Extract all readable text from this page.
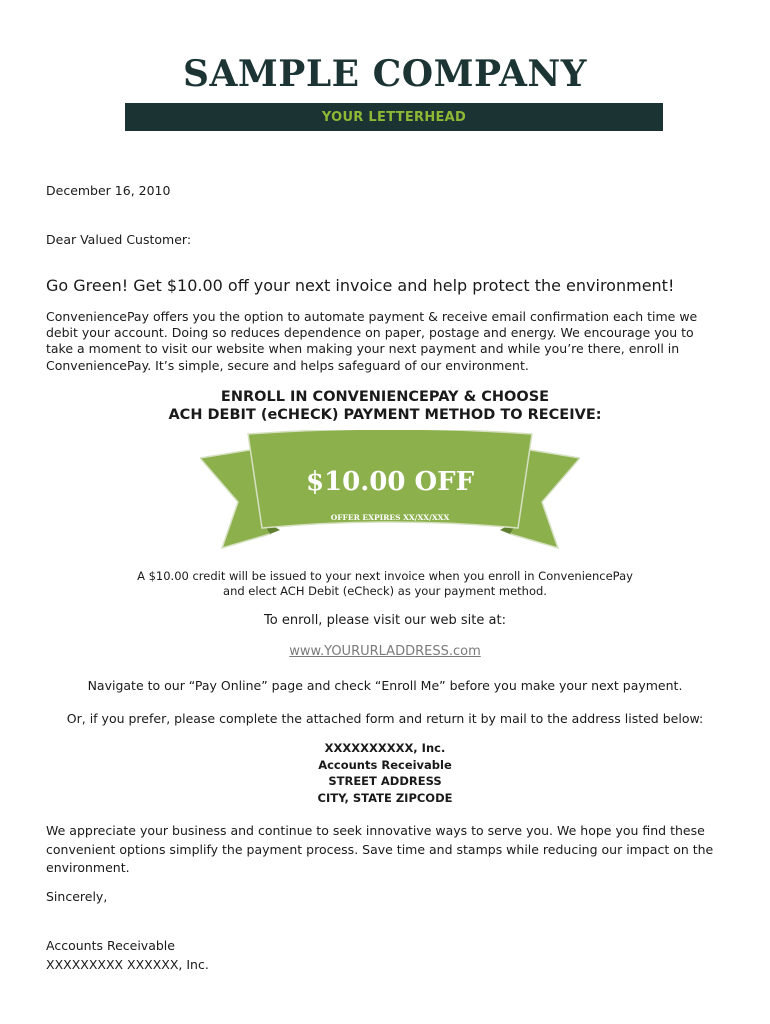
SAMPLE COMPANY
YOUR LETTERHEAD
December 16, 2010
Dear Valued Customer:
Go Green! Get $10.00 off your next invoice and help protect the environment!
ConveniencePay offers you the option to automate payment & receive email confirmation each time we
debit your account. Doing so reduces dependence on paper, postage and energy. We encourage you to
take a moment to visit our website when making your next payment and while you’re there, enroll in
ConveniencePay. It’s simple, secure and helps safeguard of our environment.
ENROLL IN CONVENIENCEPAY & CHOOSE
ACH DEBIT (eCHECK) PAYMENT METHOD TO RECEIVE:
$10.00 OFF
OFFER EXPIRES XX/XX/XXX
A $10.00 credit will be issued to your next invoice when you enroll in ConveniencePay
and elect ACH Debit (eCheck) as your payment method.
To enroll, please visit our web site at:
www.YOURURLADDRESS.com
Navigate to our “Pay Online” page and check “Enroll Me” before you make your next payment.
Or, if you prefer, please complete the attached form and return it by mail to the address listed below:
XXXXXXXXXX, Inc.
Accounts Receivable
STREET ADDRESS
CITY, STATE ZIPCODE
We appreciate your business and continue to seek innovative ways to serve you. We hope you find these
convenient options simplify the payment process. Save time and stamps while reducing our impact on the
environment.
Sincerely,
Accounts Receivable
XXXXXXXXX XXXXXX, Inc.
